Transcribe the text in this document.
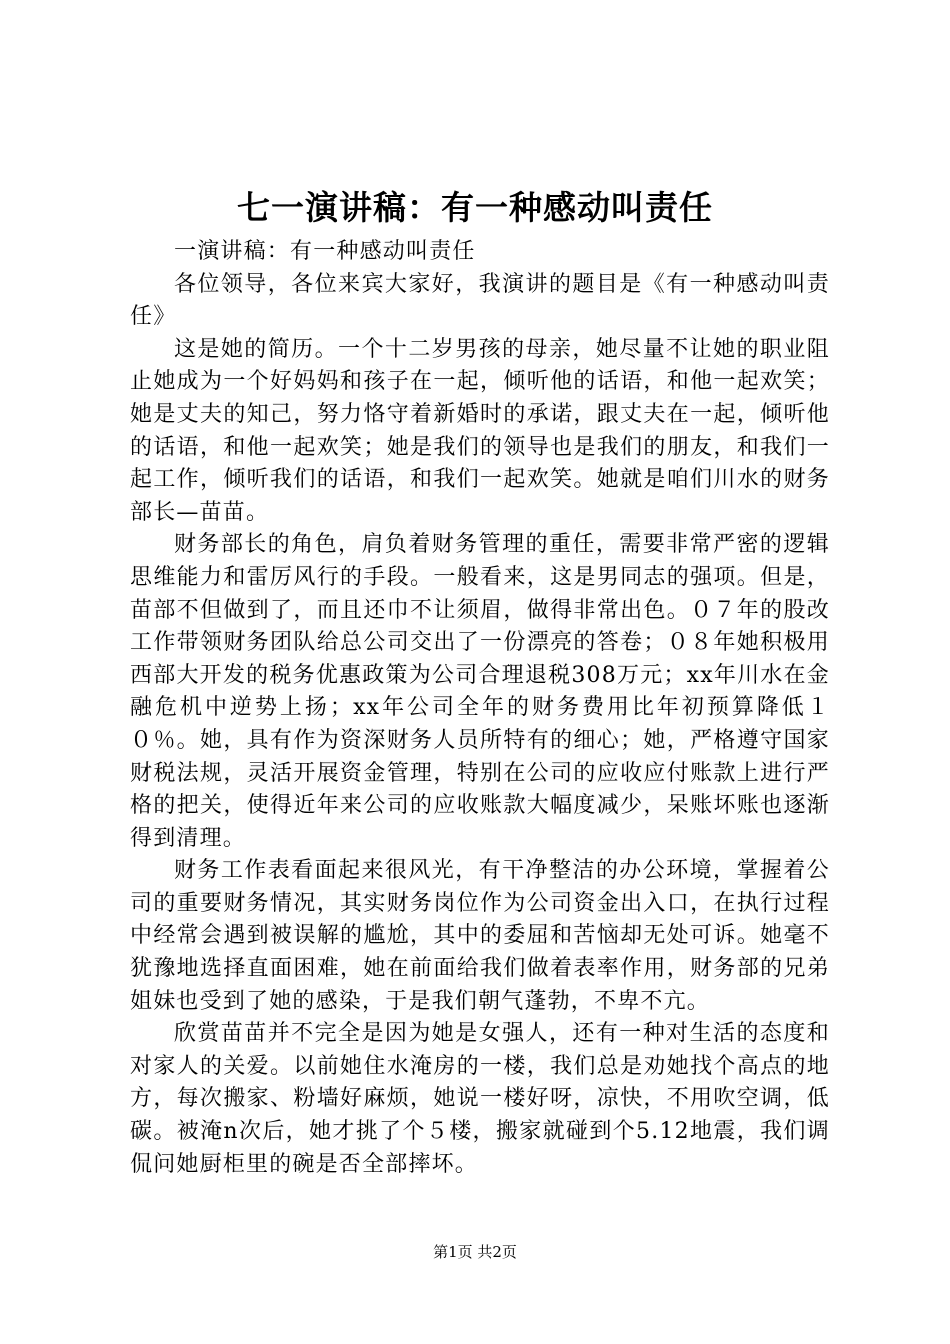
七一演讲稿：有一种感动叫责任

一演讲稿：有一种感动叫责任

各位领导，各位来宾大家好，我演讲的题目是《有一种感动叫责任》

这是她的简历。一个十二岁男孩的母亲，她尽量不让她的职业阻止她成为一个好妈妈和孩子在一起，倾听他的话语，和他一起欢笑；她是丈夫的知己，努力恪守着新婚时的承诺，跟丈夫在一起，倾听他的话语，和他一起欢笑；她是我们的领导也是我们的朋友，和我们一起工作，倾听我们的话语，和我们一起欢笑。她就是咱们川水的财务部长—苗苗。

财务部长的角色，肩负着财务管理的重任，需要非常严密的逻辑思维能力和雷厉风行的手段。一般看来，这是男同志的强项。但是，苗部不但做到了，而且还巾不让须眉，做得非常出色。０７年的股改工作带领财务团队给总公司交出了一份漂亮的答卷；０８年她积极用西部大开发的税务优惠政策为公司合理退税308万元；xx年川水在金融危机中逆势上扬；xx年公司全年的财务费用比年初预算降低１０％。她，具有作为资深财务人员所特有的细心；她，严格遵守国家财税法规，灵活开展资金管理，特别在公司的应收应付账款上进行严格的把关，使得近年来公司的应收账款大幅度减少，呆账坏账也逐渐得到清理。

财务工作表看面起来很风光，有干净整洁的办公环境，掌握着公司的重要财务情况，其实财务岗位作为公司资金出入口，在执行过程中经常会遇到被误解的尴尬，其中的委屈和苦恼却无处可诉。她毫不犹豫地选择直面困难，她在前面给我们做着表率作用，财务部的兄弟姐妹也受到了她的感染，于是我们朝气蓬勃，不卑不亢。

欣赏苗苗并不完全是因为她是女强人，还有一种对生活的态度和对家人的关爱。以前她住水淹房的一楼，我们总是劝她找个高点的地方，每次搬家、粉墙好麻烦，她说一楼好呀，凉快，不用吹空调，低碳。被淹n次后，她才挑了个５楼，搬家就碰到个5.12地震，我们调侃问她厨柜里的碗是否全部摔坏。

第1页 共2页
